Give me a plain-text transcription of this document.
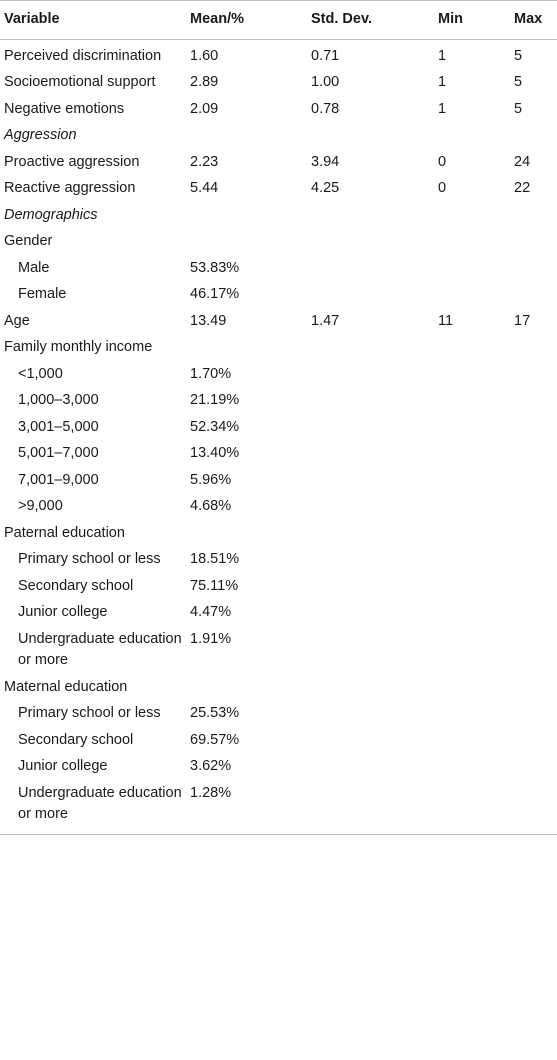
Variable	Mean/%	Std. Dev.	Min	Max
Perceived discrimination	1.60	0.71	1	5
Socioemotional support	2.89	1.00	1	5
Negative emotions	2.09	0.78	1	5
Aggression				
Proactive aggression	2.23	3.94	0	24
Reactive aggression	5.44	4.25	0	22
Demographics				
Gender				
Male	53.83%			
Female	46.17%			
Age	13.49	1.47	11	17
Family monthly income				
<1,000	1.70%			
1,000–3,000	21.19%			
3,001–5,000	52.34%			
5,001–7,000	13.40%			
7,001–9,000	5.96%			
>9,000	4.68%			
Paternal education				
Primary school or less	18.51%			
Secondary school	75.11%			
Junior college	4.47%			
Undergraduate education or more	1.91%			
Maternal education				
Primary school or less	25.53%			
Secondary school	69.57%			
Junior college	3.62%			
Undergraduate education or more	1.28%			
